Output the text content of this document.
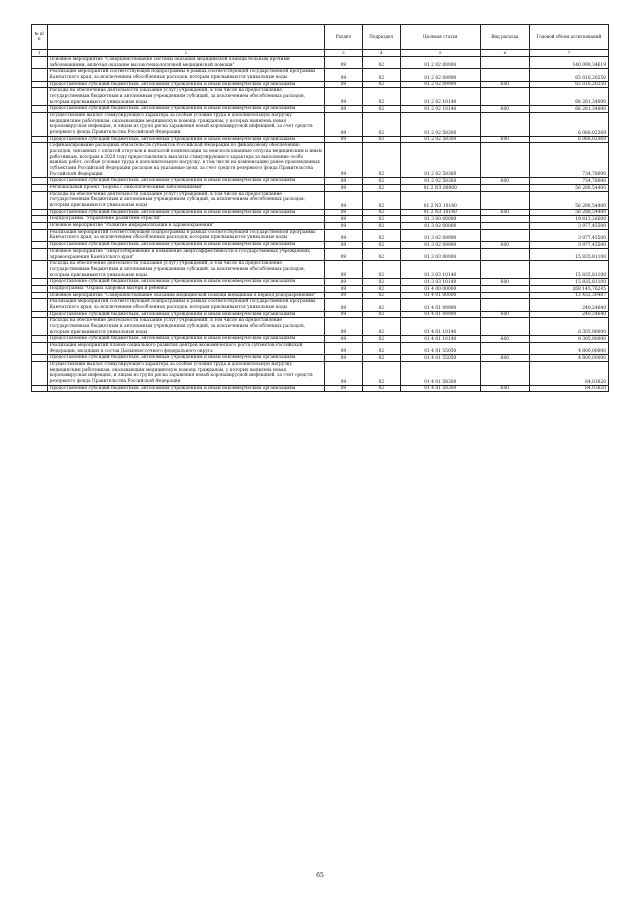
№ п/п		Раздел	Подраздел	Целевая статья	Вид расхода	Годовой объем ассигнований
1	2	3	4	5	6	7
	Основное мероприятие "Совершенствование системы оказания медицинской помощи больным прочими заболеваниями, включая оказание высокотехнологичной медицинской помощи"	09	02	01 2 02 00000		140 098,34619
	Реализация мероприятий соответствующей подпрограммы в рамках соответствующей государственной программы Камчатского края, за исключением обособленных расходов, которым присваиваются уникальные коды	09	02	01 2 02 09990		65 016,20250
	Предоставление субсидий бюджетным, автономным учреждениям и иным некоммерческим организациям	09	02	01 2 02 09990	600	65 016,20250
	Расходы на обеспечение деятельности (оказание услуг) учреждений, в том числе на предоставление государственным бюджетным и автономным учреждениям субсидий, за исключением обособленных расходов, которым присваиваются уникальные коды	09	02	01 2 02 10140		68 281,34000
	Предоставление субсидий бюджетным, автономным учреждениям и иным некоммерческим организациям	09	02	01 2 02 10140	600	68 281,34000
	Осуществление выплат стимулирующего характера за особые условия труда и дополнительную нагрузку медицинским работникам, оказывающим медицинскую помощь гражданам, у которых выявлена новая коронавирусная инфекция, и лицам из групп риска заражения новой коронавирусной инфекцией, за счет средств резервного фонда Правительства Российской Федерации	09	02	01 2 02 58300		6 066,02369
	Предоставление субсидий бюджетным, автономным учреждениям и иным некоммерческим организациям	09	02	01 2 02 58300	600	6 066,02369
	Софинансирование расходных обязательств субъектов Российской Федерации по финансовому обеспечению расходов, связанных с оплатой отпусков и выплатой компенсации за неиспользованные отпуска медицинским и иным работникам, которым в 2020 году предоставлялись выплаты стимулирующего характера за выполнение особо важных работ, особые условия труда и дополнительную нагрузку, в том числе на компенсацию ранее произведенных субъектами Российской Федерации расходов на указанные цели, за счет средств резервного фонда Правительства Российской Федерации	09	02	01 2 02 58360		734,78000
	Предоставление субсидий бюджетным, автономным учреждениям и иным некоммерческим организациям	09	02	01 2 02 58360	600	734,78000
	Региональный проект "Борьба с онкологическими заболеваниями"	09	02	01 2 N3 00000		56 288,54400
	Расходы на обеспечение деятельности (оказание услуг) учреждений, в том числе на предоставление государственным бюджетным и автономным учреждениям субсидий, за исключением обособленных расходов, которым присваиваются уникальные коды	09	02	01 2 N3 10140		56 288,54400
	Предоставление субсидий бюджетным, автономным учреждениям и иным некоммерческим организациям	09	02	01 2 N3 10140	600	56 288,54400
	Подпрограмма "Управление развитием отрасли"	09	02	01 3 00 00000		19 813,26600
	Основное мероприятие "Развитие информатизации в здравоохранении"	09	02	01 3 02 00000		3 977,45500
	Реализация мероприятий соответствующей подпрограммы в рамках соответствующей государственной программы Камчатского края, за исключением обособленных расходов, которым присваиваются уникальные коды	09	02	01 3 02 09990		3 977,45500
	Предоставление субсидий бюджетным, автономным учреждениям и иным некоммерческим организациям	09	02	01 3 02 09990	600	3 977,45500
	Основное мероприятие "Энергосбережение и повышение энергоэффективности в государственных учреждениях здравоохранения Камчатского края"	09	02	01 3 03 00000		15 835,81100
	Расходы на обеспечение деятельности (оказание услуг) учреждений, в том числе на предоставление государственным бюджетным и автономным учреждениям субсидий, за исключением обособленных расходов, которым присваиваются уникальные коды	09	02	01 3 03 10140		15 835,81100
	Предоставление субсидий бюджетным, автономным учреждениям и иным некоммерческим организациям	09	02	01 3 03 10140	600	15 835,81100
	Подпрограмма "Охрана здоровья матери и ребенка"	09	02	01 4 00 00000		268 145,76245
	Основное мероприятие "Совершенствование оказания медицинской помощи женщинам в период родоразрешения"	09	02	01 4 01 00000		13 432,30487
	Реализация мероприятий соответствующей подпрограммы в рамках соответствующей государственной программы Камчатского края, за исключением обособленных расходов, которым присваиваются уникальные коды	09	02	01 4 01 09990		240,24640
	Предоставление субсидий бюджетным, автономным учреждениям и иным некоммерческим организациям	09	02	01 4 01 09990	600	240,24640
	Расходы на обеспечение деятельности (оказание услуг) учреждений, в том числе на предоставление государственным бюджетным и автономным учреждениям субсидий, за исключением обособленных расходов, которым присваиваются уникальные коды	09	02	01 4 01 10140		8 305,90000
	Предоставление субсидий бюджетным, автономным учреждениям и иным некоммерческим организациям	09	02	01 4 01 10140	600	8 305,90000
	Реализация мероприятий планов социального развития центров экономического роста субъектов Российской Федерации, входящих в состав Дальневосточного федерального округа	09	02	01 4 01 55050		4 800,00000
	Предоставление субсидий бюджетным, автономным учреждениям и иным некоммерческим организациям	09	02	01 4 01 55050	600	4 800,00000
	Осуществление выплат стимулирующего характера за особые условия труда и дополнительную нагрузку медицинским работникам, оказывающим медицинскую помощь гражданам, у которых выявлена новая коронавирусная инфекция, и лицам из групп риска заражения новой коронавирусной инфекцией, за счет средств резервного фонда Правительства Российской Федерации	09	02	01 4 01 58300		84,03620
	Предоставление субсидий бюджетным, автономным учреждениям и иным некоммерческим организациям	09	02	01 4 01 58300	600	84,03620
65
